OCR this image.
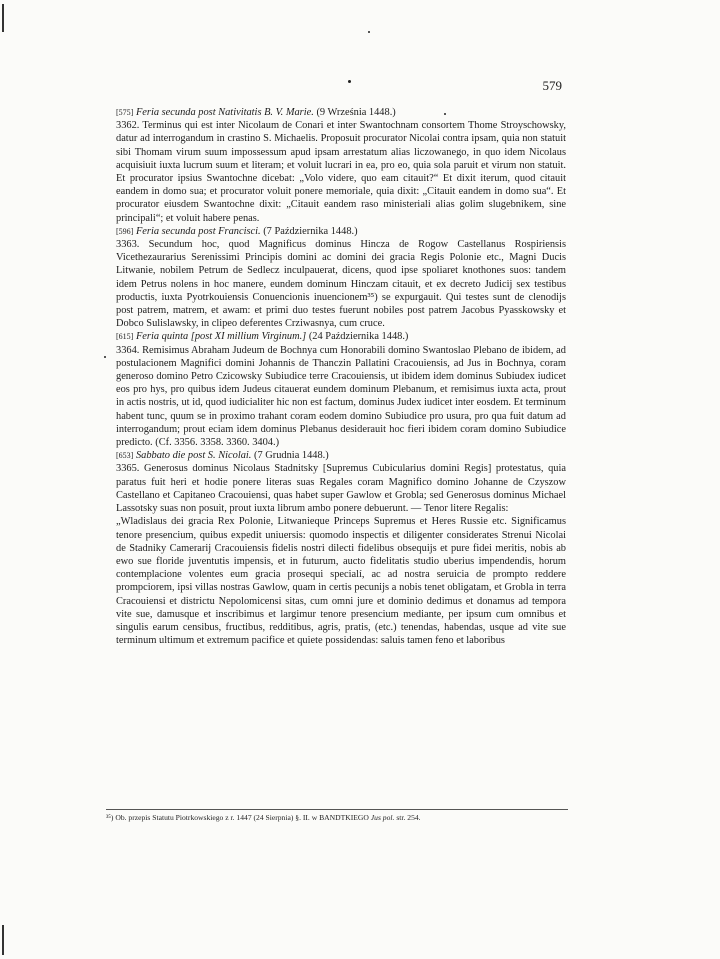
579

[575] Feria secunda post Nativitatis B. V. Marie. (9 Września 1448.)

3362. Terminus qui est inter Nicolaum de Conari et inter Swantochnam consortem Thome Stroyschowsky, datur ad interrogandum in crastino S. Michaelis. Proposuit procurator Nicolai contra ipsam, quia non statuit sibi Thomam virum suum impossessum apud ipsam arrestatum alias liczowanego, in quo idem Nicolaus acquisiuit iuxta lucrum suum et literam; et voluit lucrari in ea, pro eo, quia sola paruit et virum non statuit. Et procurator ipsius Swantochne dicebat: „Volo videre, quo eam citauit?“ Et dixit iterum, quod citauit eandem in domo sua; et procurator voluit ponere memoriale, quia dixit: „Citauit eandem in domo sua“. Et procurator eiusdem Swantochne dixit: „Citauit eandem raso ministeriali alias golim slugebnikem, sine principali“; et voluit habere penas.

[596] Feria secunda post Francisci. (7 Października 1448.)

3363. Secundum hoc, quod Magnificus dominus Hincza de Rogow Castellanus Rospiriensis Vicethezaurarius Serenissimi Principis domini ac domini dei gracia Regis Polonie etc., Magni Ducis Litwanie, nobilem Petrum de Sedlecz inculpauerat, dicens, quod ipse spoliaret knothones suos: tandem idem Petrus nolens in hoc manere, eundem dominum Hinczam citauit, et ex decreto Judicij sex testibus productis, iuxta Pyotrkouiensis Conuencionis inuencionem³⁵) se expurgauit. Qui testes sunt de clenodijs post patrem, matrem, et awam: et primi duo testes fuerunt nobiles post patrem Jacobus Pyasskowsky et Dobco Sulislawsky, in clipeo deferentes Crziwasnya, cum cruce.

[615] Feria quinta [post XI millium Virginum.] (24 Października 1448.)

3364. Remisimus Abraham Judeum de Bochnya cum Honorabili domino Swantoslao Plebano de ibidem, ad postulacionem Magnifici domini Johannis de Thanczin Pallatini Cracouiensis, ad Jus in Bochnya, coram generoso domino Petro Czicowsky Subiudice terre Cracouiensis, ut ibidem idem dominus Subiudex iudicet eos pro hys, pro quibus idem Judeus citauerat eundem dominum Plebanum, et remisimus iuxta acta, prout in actis nostris, ut id, quod iudicialiter hic non est factum, dominus Judex iudicet inter eosdem. Et terminum habent tunc, quum se in proximo trahant coram eodem domino Subiudice pro usura, pro qua fuit datum ad interrogandum; prout eciam idem dominus Plebanus desiderauit hoc fieri ibidem coram domino Subiudice predicto. (Cf. 3356. 3358. 3360. 3404.)

[653] Sabbato die post S. Nicolai. (7 Grudnia 1448.)

3365. Generosus dominus Nicolaus Stadnitsky [Supremus Cubicularius domini Regis] protestatus, quia paratus fuit heri et hodie ponere literas suas Regales coram Magnifico domino Johanne de Czyszow Castellano et Capitaneo Cracouiensi, quas habet super Gawlow et Grobla; sed Generosus dominus Michael Lassotsky suas non posuit, prout iuxta librum ambo ponere debuerunt. — Tenor litere Regalis:

„Wladislaus dei gracia Rex Polonie, Litwanieque Princeps Supremus et Heres Russie etc. Significamus tenore presencium, quibus expedit uniuersis: quomodo inspectis et diligenter considerates Strenui Nicolai de Stadniky Camerarij Cracouiensis fidelis nostri dilecti fidelibus obsequijs et pure fidei meritis, nobis ab ewo sue floride juventutis impensis, et in futurum, aucto fidelitatis studio uberius impendendis, horum contemplacione volentes eum gracia prosequi specialí, ac ad nostra seruicia de prompto reddere prompciorem, ipsi villas nostras Gawlow, quam in certis pecunijs a nobis tenet obligatam, et Grobla in terra Cracouiensi et districtu Nepolomicensi sitas, cum omni jure et dominio dedimus et donamus ad tempora vite sue, damusque et inscribimus et largimur tenore presencium mediante, per ipsum cum omnibus et singulis earum censibus, fructibus, redditibus, agris, pratis, (etc.) tenendas, habendas, usque ad vite sue terminum ultimum et extremum pacifice et quiete possidendas: saluis tamen feno et laboribus

³⁵) Ob. przepis Statutu Piotrkowskiego z r. 1447 (24 Sierpnia) §. II. w BANDTKIEGO Jus pol. str. 254.
